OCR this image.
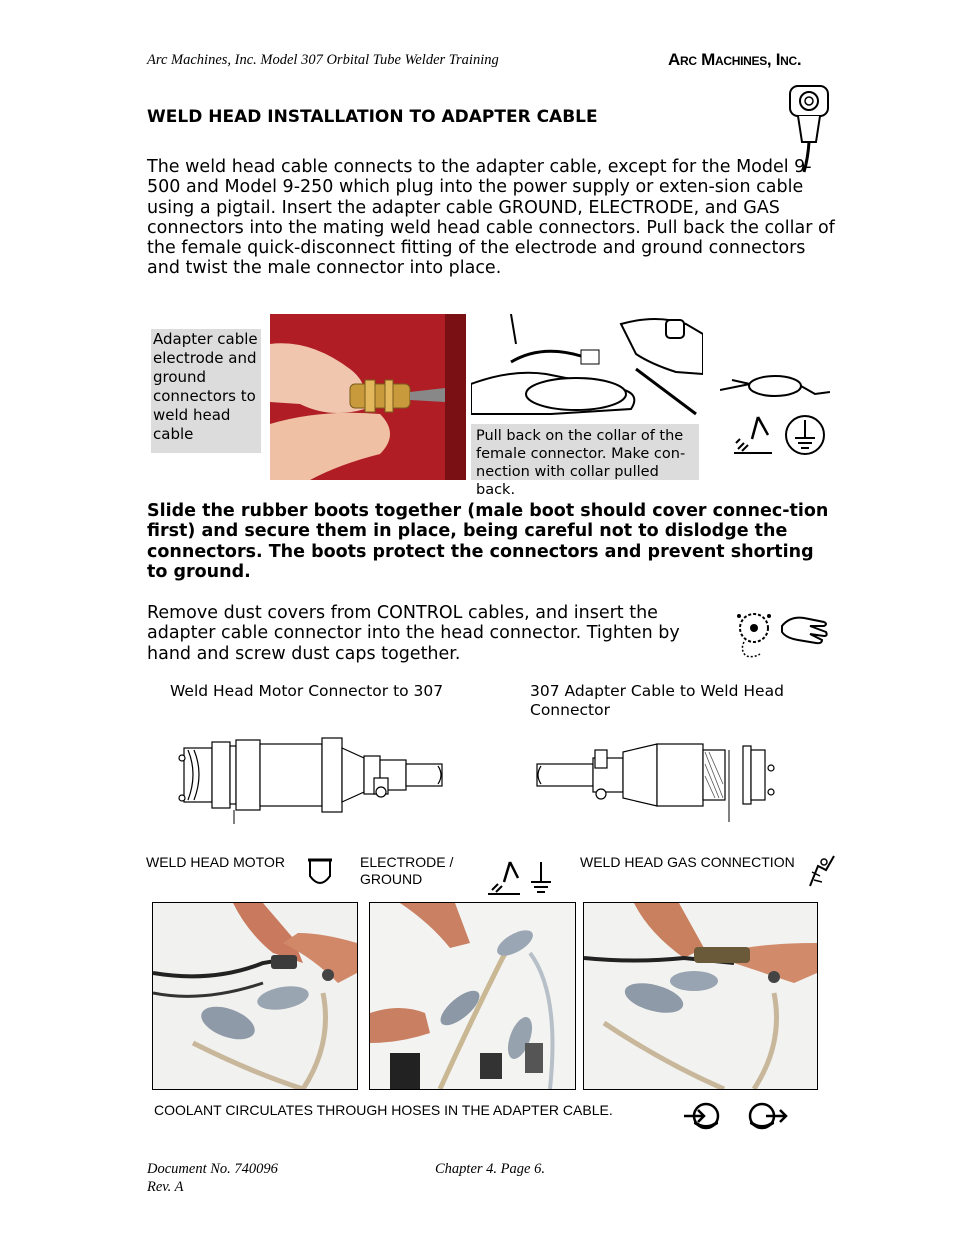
Arc Machines, Inc. Model 307 Orbital Tube Welder Training	Arc Machines, Inc.
WELD HEAD INSTALLATION TO ADAPTER CABLE

The weld head cable connects to the adapter cable, except for the Model 9-500 and Model 9-250 which plug into the power supply or exten-sion cable using a pigtail. Insert the adapter cable GROUND, ELECTRODE, and GAS connectors into the mating weld head cable connectors. Pull back the collar of the female quick-disconnect fitting of the electrode and ground connectors and twist the male connector into place.

Adapter cable electrode and ground connectors to weld head cable	Pull back on the collar of the female connector. Make con-nection with collar pulled back.
Slide the rubber boots together (male boot should cover connec-tion first) and secure them in place, being careful not to dislodge the connectors. The boots protect the connectors and prevent shorting to ground.
Remove dust covers from CONTROL cables, and insert the adapter cable connector into the head connector. Tighten by hand and screw dust caps together.
Weld Head Motor Connector to 307	307 Adapter Cable to Weld Head Connector
WELD HEAD MOTOR	ELECTRODE / GROUND
WELD HEAD GAS CONNECTION
COOLANT CIRCULATES THROUGH HOSES IN THE ADAPTER CABLE.
Document No. 740096
Rev. A
Chapter 4. Page 6.
